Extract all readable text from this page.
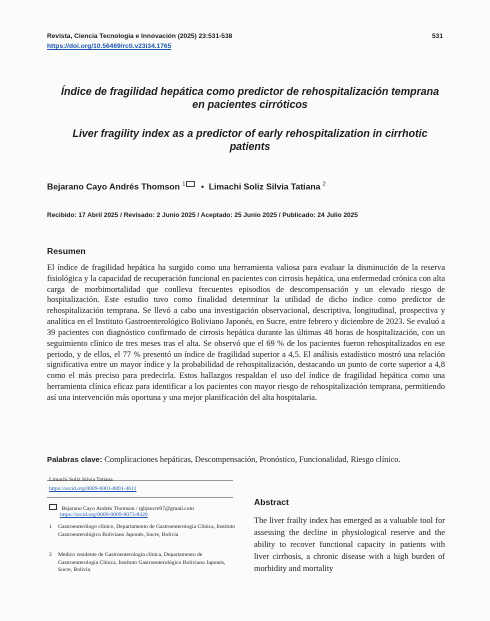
Revista, Ciencia Tecnología e Innovación (2025) 23:531-538
https://doi.org/10.56469/rcti.v23i34.1765
531
Índice de fragilidad hepática como predictor de rehospitalización temprana en pacientes cirróticos
Liver fragility index as a predictor of early rehospitalization in cirrhotic patients
Bejarano Cayo Andrés Thomson $^1$ • Limachi Soliz Silvia Tatiana $^2$
Recibido: 17 Abril 2025 / Revisado: 2 Junio 2025 / Aceptado: 25 Junio 2025 / Publicado: 24 Julio 2025
Resumen
El índice de fragilidad hepática ha surgido como una herramienta valiosa para evaluar la disminución de la reserva fisiológica y la capacidad de recuperación funcional en pacientes con cirrosis hepática, una enfermedad crónica con alta carga de morbimortalidad que conlleva frecuentes episodios de descompensación y un elevado riesgo de hospitalización. Este estudio tuvo como finalidad determinar la utilidad de dicho índice como predictor de rehospitalización temprana. Se llevó a cabo una investigación observacional, descriptiva, longitudinal, prospectiva y analítica en el Instituto Gastroenterológico Boliviano Japonés, en Sucre, entre febrero y diciembre de 2023. Se evaluó a 39 pacientes con diagnóstico confirmado de cirrosis hepática durante las últimas 48 horas de hospitalización, con un seguimiento clínico de tres meses tras el alta. Se observó que el 69 % de los pacientes fueron rehospitalizados en ese periodo, y de ellos, el 77 % presentó un índice de fragilidad superior a 4,5. El análisis estadístico mostró una relación significativa entre un mayor índice y la probabilidad de rehospitalización, destacando un punto de corte superior a 4,8 como el más preciso para predecirla. Estos hallazgos respaldan el uso del índice de fragilidad hepática como una herramienta clínica eficaz para identificar a los pacientes con mayor riesgo de rehospitalización temprana, permitiendo así una intervención más oportuna y una mejor planificación del alta hospitalaria.
Palabras clave: Complicaciones hepáticas, Descompensación, Pronóstico, Funcionalidad, Riesgo clínico.
Limachi Soliz Silvia Tatiana
https://orcid.org/0009-0001-0891-4611
Bejarano Cayo Andrés Thomson / tgbjsucre97@gmail.com
https://orcid.org/0009-0009-0073-8420
1 Gastroenterólogo clínico, Departamento de Gastroenterología Clínica, Instituto Gastroenterológico Boliviano Japonés, Sucre, Bolivia
2 Medico residente de Gastroenterología clínica, Departamento de Gastroenterología Clínica, Instituto Gastroenterológico Boliviano Japonés, Sucre, Bolivia.
Abstract
The liver frailty index has emerged as a valuable tool for assessing the decline in physiological reserve and the ability to recover functional capacity in patients with liver cirrhosis, a chronic disease with a high burden of morbidity and mortality
